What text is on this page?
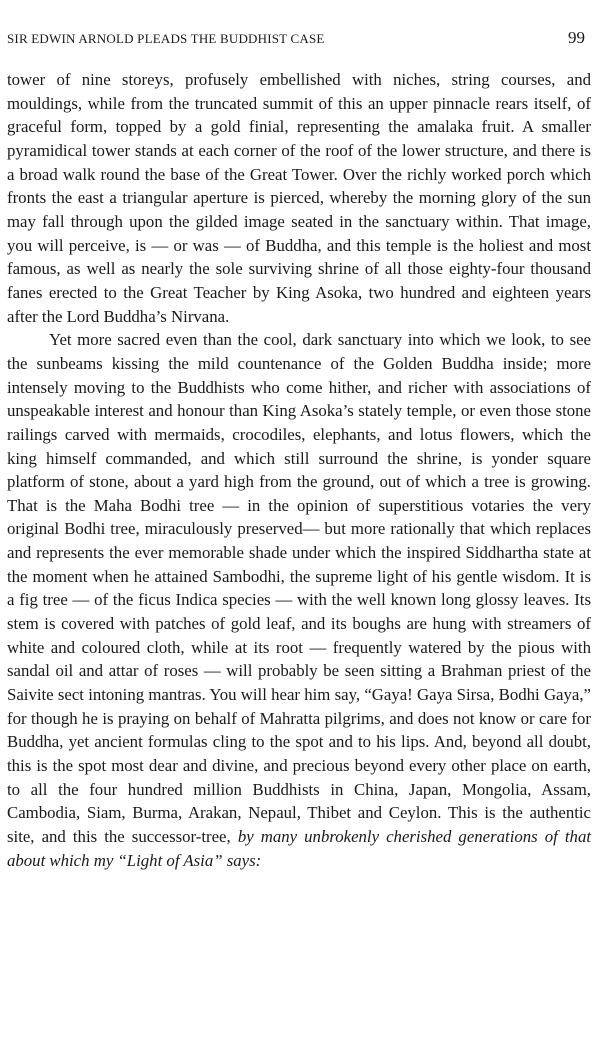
SIR EDWIN ARNOLD PLEADS THE BUDDHIST CASE	99

tower of nine storeys, profusely embellished with niches, string courses, and mouldings, while from the truncated summit of this an upper pinnacle rears itself, of graceful form, topped by a gold finial, representing the amalaka fruit. A smaller pyramidical tower stands at each corner of the roof of the lower structure, and there is a broad walk round the base of the Great Tower. Over the richly worked porch which fronts the east a triangular aperture is pierced, whereby the morning glory of the sun may fall through upon the gilded image seated in the sanctuary within. That image, you will perceive, is — or was — of Buddha, and this temple is the holiest and most famous, as well as nearly the sole surviving shrine of all those eighty-four thousand fanes erected to the Great Teacher by King Asoka, two hundred and eighteen years after the Lord Buddha’s Nirvana.

Yet more sacred even than the cool, dark sanctuary into which we look, to see the sunbeams kissing the mild countenance of the Golden Buddha inside; more intensely moving to the Buddhists who come hither, and richer with associations of unspeakable interest and honour than King Asoka’s stately temple, or even those stone railings carved with mermaids, crocodiles, elephants, and lotus flowers, which the king himself commanded, and which still surround the shrine, is yonder square platform of stone, about a yard high from the ground, out of which a tree is growing. That is the Maha Bodhi tree — in the opinion of superstitious votaries the very original Bodhi tree, miraculously preserved— but more rationally that which replaces and represents the ever memorable shade under which the inspired Siddhartha state at the moment when he attained Sambodhi, the supreme light of his gentle wisdom. It is a fig tree — of the ficus Indica species — with the well known long glossy leaves. Its stem is covered with patches of gold leaf, and its boughs are hung with streamers of white and coloured cloth, while at its root — frequently watered by the pious with sandal oil and attar of roses — will probably be seen sitting a Brahman priest of the Saivite sect intoning mantras. You will hear him say, “Gaya! Gaya Sirsa, Bodhi Gaya,” for though he is praying on behalf of Mahratta pilgrims, and does not know or care for Buddha, yet ancient formulas cling to the spot and to his lips. And, beyond all doubt, this is the spot most dear and divine, and precious beyond every other place on earth, to all the four hundred million Buddhists in China, Japan, Mongolia, Assam, Cambodia, Siam, Burma, Arakan, Nepaul, Thibet and Ceylon. This is the authentic site, and this the successor-tree, by many unbrokenly cherished generations of that about which my “Light of Asia” says:
